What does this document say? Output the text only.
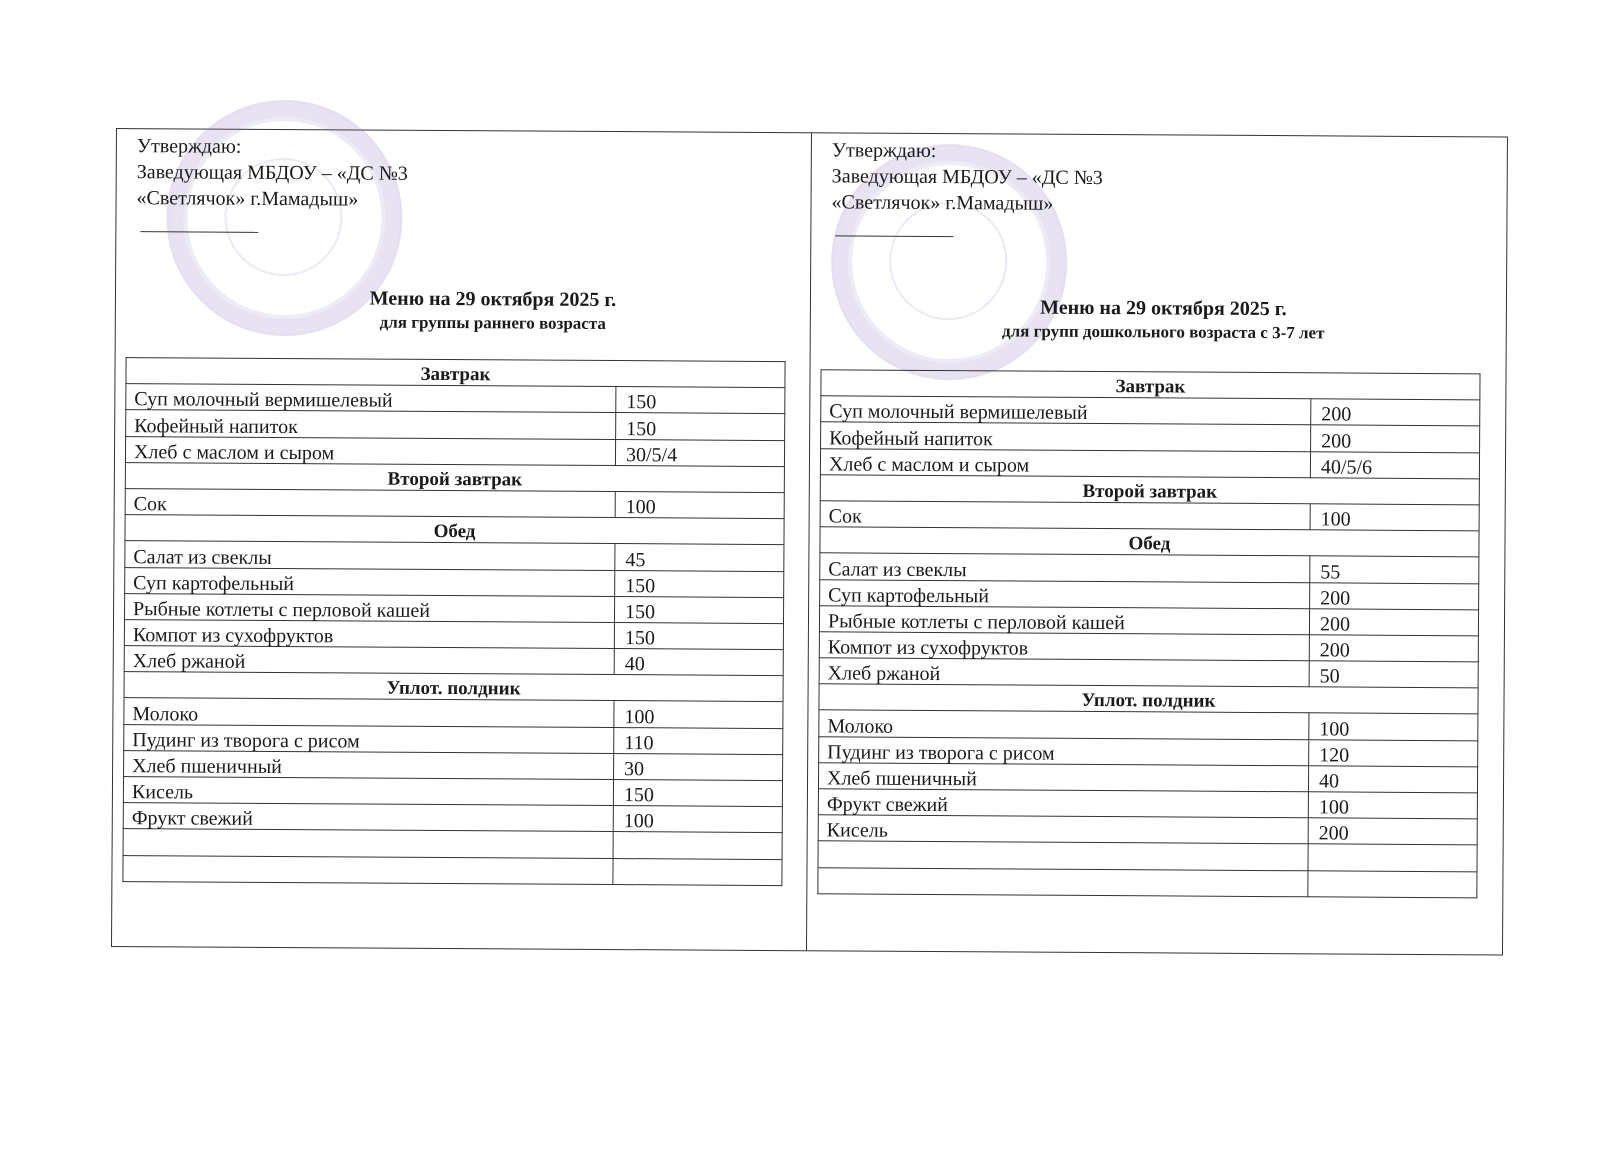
Утверждаю:
Заведующая МБДОУ – «ДС №3
«Светлячок» г.Мамадыш»
Меню на 29 октября 2025 г.
для группы раннего возраста
Завтрак	
Суп молочный вермишелевый	150
Кофейный напиток	150
Хлеб с маслом и сыром	30/5/4
Второй завтрак	
Сок	100
Обед	
Салат из свеклы	45
Суп картофельный	150
Рыбные котлеты с перловой кашей	150
Компот из сухофруктов	150
Хлеб ржаной	40
Уплот. полдник	
Молоко	100
Пудинг из творога с рисом	110
Хлеб пшеничный	30
Кисель	150
Фрукт свежий	100

Утверждаю:
Заведующая МБДОУ – «ДС №3
«Светлячок» г.Мамадыш»
Меню на 29 октября 2025 г.
для групп дошкольного возраста с 3-7 лет
Завтрак	
Суп молочный вермишелевый	200
Кофейный напиток	200
Хлеб с маслом и сыром	40/5/6
Второй завтрак	
Сок	100
Обед	
Салат из свеклы	55
Суп картофельный	200
Рыбные котлеты с перловой кашей	200
Компот из сухофруктов	200
Хлеб ржаной	50
Уплот. полдник	
Молоко	100
Пудинг из творога с рисом	120
Хлеб пшеничный	40
Фрукт свежий	100
Кисель	200
